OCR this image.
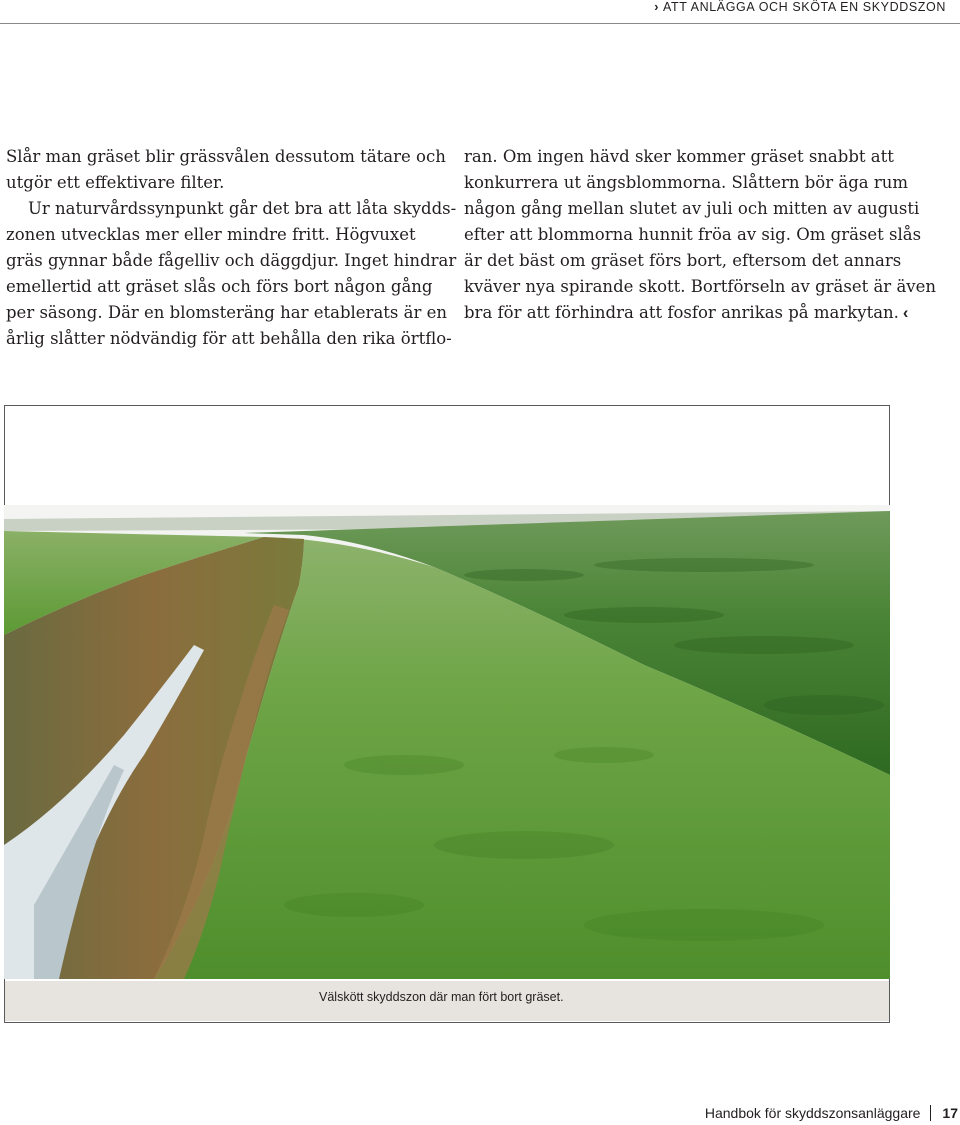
› ATT ANLÄGGA OCH SKÖTA EN SKYDDSZON

Slår man gräset blir grässvålen dessutom tätare och
utgör ett effektivare filter.

Ur naturvårdssynpunkt går det bra att låta skydds-
zonen utvecklas mer eller mindre fritt. Högvuxet
gräs gynnar både fågelliv och däggdjur. Inget hindrar
emellertid att gräset slås och förs bort någon gång
per säsong. Där en blomsteräng har etablerats är en
årlig slåtter nödvändig för att behålla den rika örtflo-

ran. Om ingen hävd sker kommer gräset snabbt att
konkurrera ut ängsblommorna. Slåttern bör äga rum
någon gång mellan slutet av juli och mitten av augusti
efter att blommorna hunnit fröa av sig. Om gräset slås
är det bäst om gräset förs bort, eftersom det annars
kväver nya spirande skott. Bortförseln av gräset är även
bra för att förhindra att fosfor anrikas på markytan. ‹

Välskött skyddszon där man fört bort gräset.
Handbok för skyddszonsanläggare 17
